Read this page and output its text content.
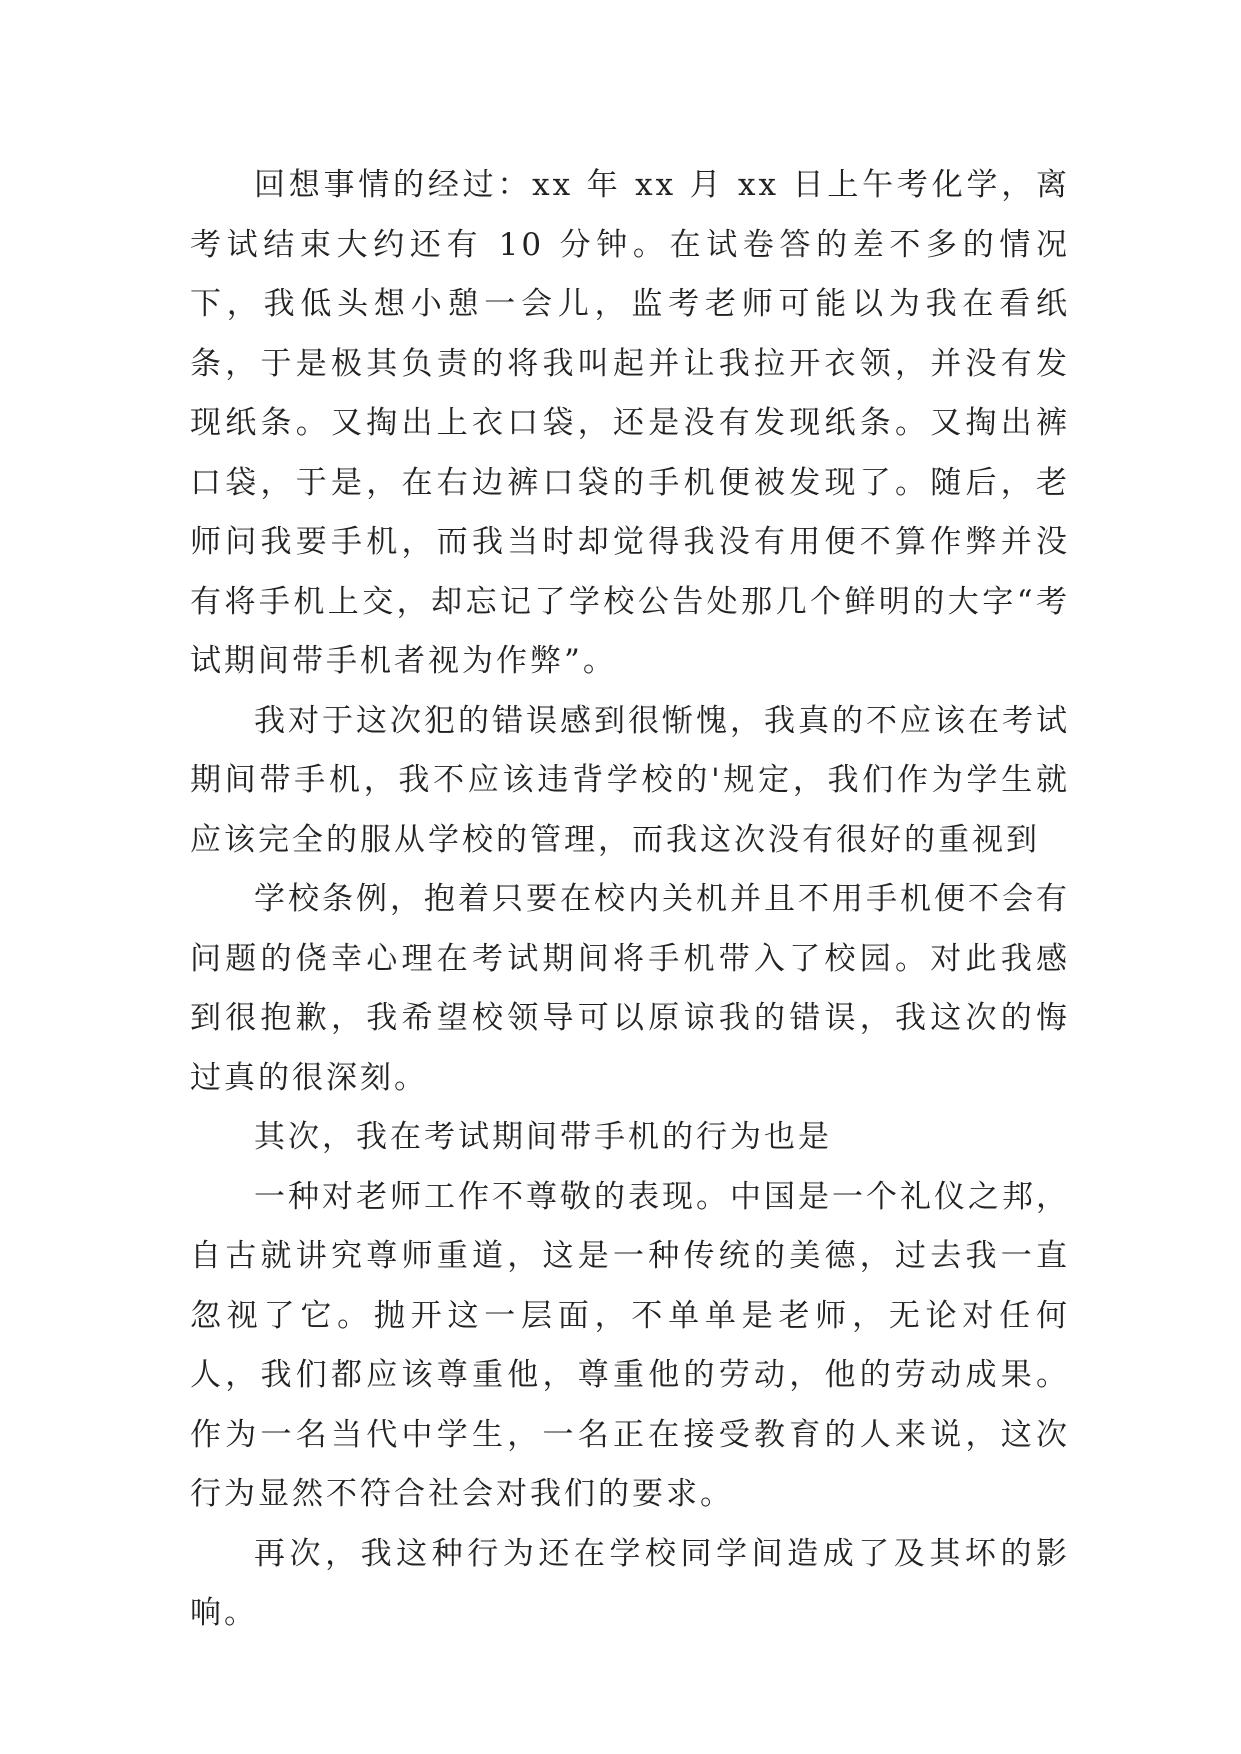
回想事情的经过：xx 年 xx 月 xx 日上午考化学，离考试结束大约还有 10 分钟。在试卷答的差不多的情况下，我低头想小憩一会儿，监考老师可能以为我在看纸条，于是极其负责的将我叫起并让我拉开衣领，并没有发现纸条。又掏出上衣口袋，还是没有发现纸条。又掏出裤口袋，于是，在右边裤口袋的手机便被发现了。随后，老师问我要手机，而我当时却觉得我没有用便不算作弊并没有将手机上交，却忘记了学校公告处那几个鲜明的大字“考试期间带手机者视为作弊”。

我对于这次犯的错误感到很惭愧，我真的不应该在考试期间带手机，我不应该违背学校的'规定，我们作为学生就应该完全的服从学校的管理，而我这次没有很好的重视到

学校条例，抱着只要在校内关机并且不用手机便不会有问题的侥幸心理在考试期间将手机带入了校园。对此我感到很抱歉，我希望校领导可以原谅我的错误，我这次的悔过真的很深刻。

其次，我在考试期间带手机的行为也是

一种对老师工作不尊敬的表现。中国是一个礼仪之邦，自古就讲究尊师重道，这是一种传统的美德，过去我一直忽视了它。抛开这一层面，不单单是老师，无论对任何人，我们都应该尊重他，尊重他的劳动，他的劳动成果。作为一名当代中学生，一名正在接受教育的人来说，这次行为显然不符合社会对我们的要求。

再次，我这种行为还在学校同学间造成了及其坏的影响。
